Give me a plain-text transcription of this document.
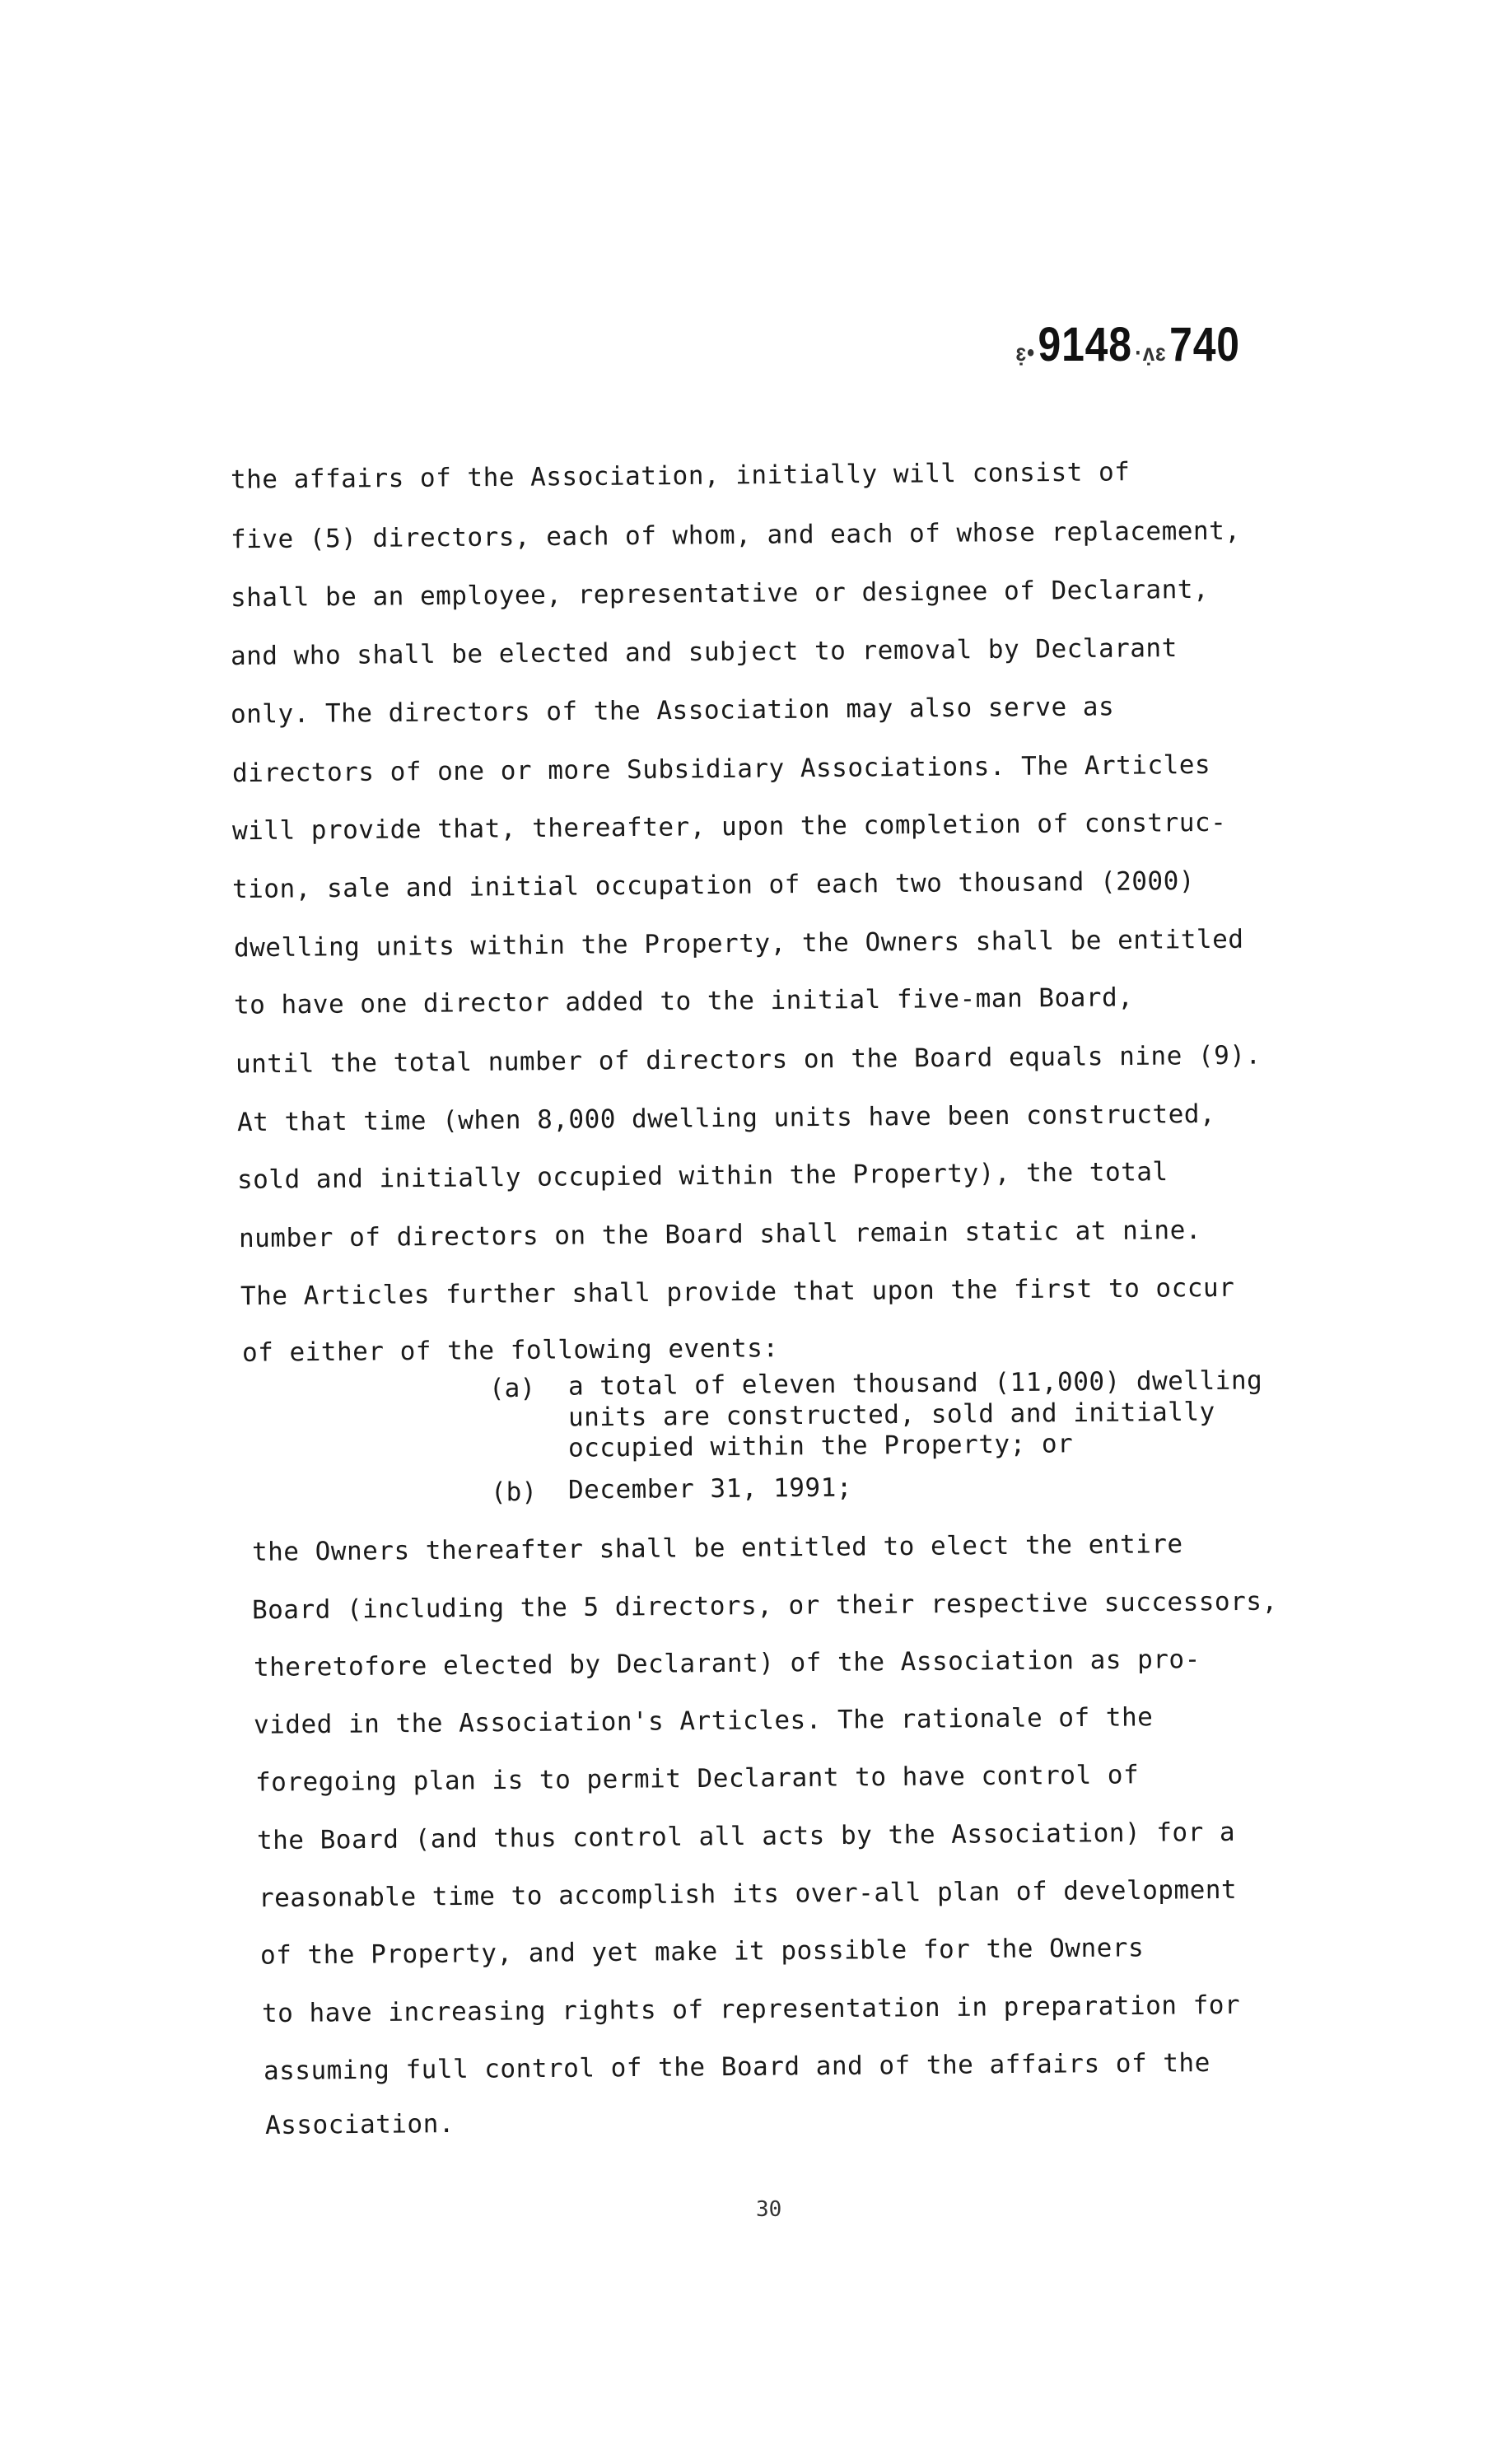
ɛ̣•9148 ·ʌ̣ɛ740
the affairs of the Association, initially will consist of
five (5) directors, each of whom, and each of whose replacement,
shall be an employee, representative or designee of Declarant,
and who shall be elected and subject to removal by Declarant
only. The directors of the Association may also serve as
directors of one or more Subsidiary Associations. The Articles
will provide that, thereafter, upon the completion of construc-
tion, sale and initial occupation of each two thousand (2000)
dwelling units within the Property, the Owners shall be entitled
to have one director added to the initial five-man Board,
until the total number of directors on the Board equals nine (9).
At that time (when 8,000 dwelling units have been constructed,
sold and initially occupied within the Property), the total
number of directors on the Board shall remain static at nine.
The Articles further shall provide that upon the first to occur
of either of the following events:
(a) a total of eleven thousand (11,000) dwelling
units are constructed, sold and initially
occupied within the Property; or
(b) December 31, 1991;
the Owners thereafter shall be entitled to elect the entire
Board (including the 5 directors, or their respective successors,
theretofore elected by Declarant) of the Association as pro-
vided in the Association's Articles. The rationale of the
foregoing plan is to permit Declarant to have control of
the Board (and thus control all acts by the Association) for a
reasonable time to accomplish its over-all plan of development
of the Property, and yet make it possible for the Owners
to have increasing rights of representation in preparation for
assuming full control of the Board and of the affairs of the
Association.
30
